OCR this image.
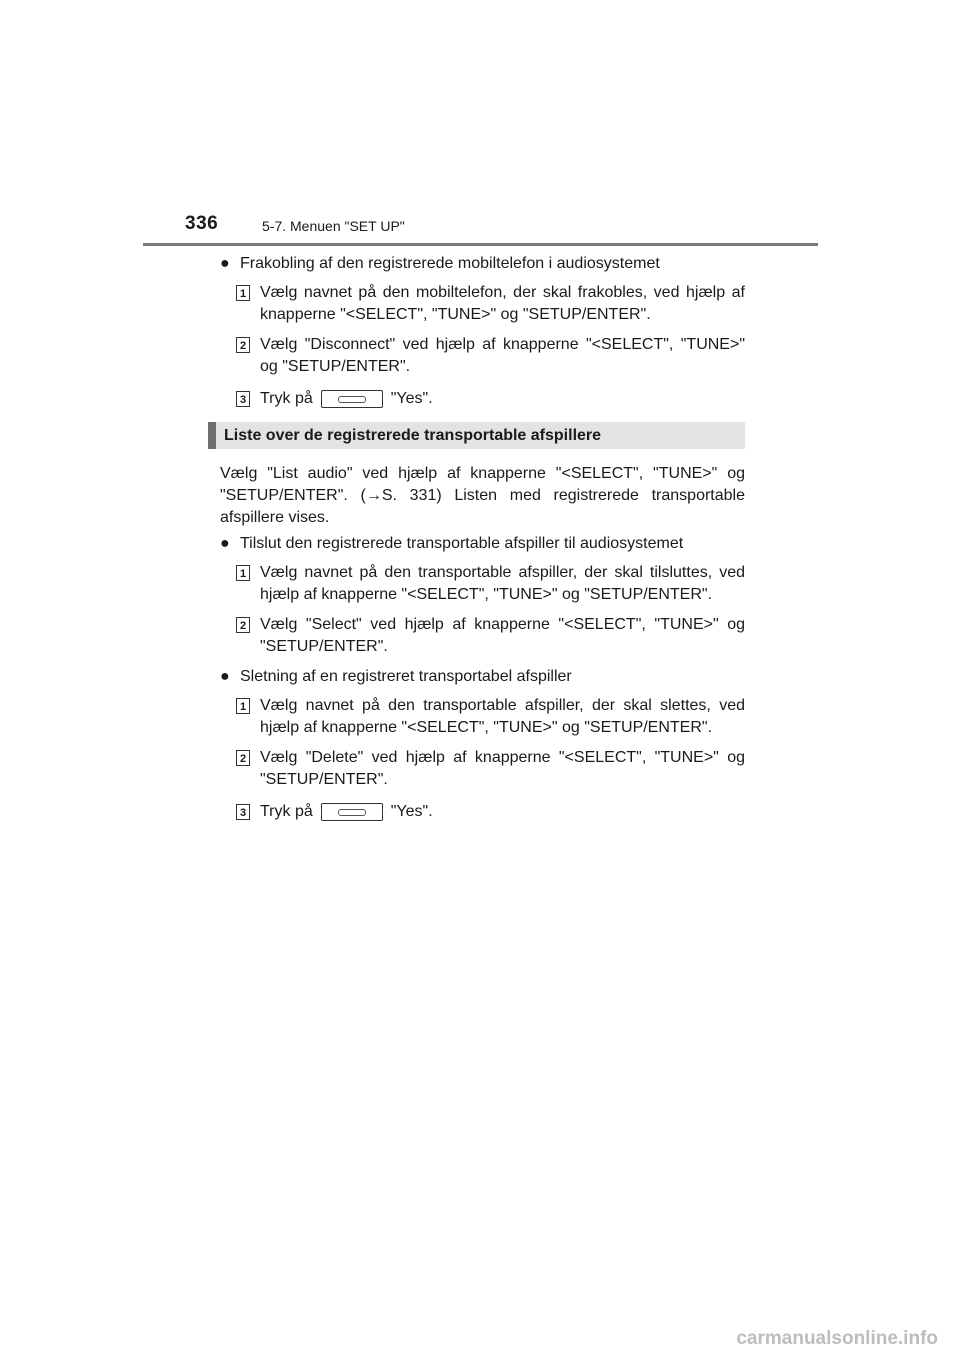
336	5-7. Menuen "SET UP"
● Frakobling af den registrerede mobiltelefon i audiosystemet
1 Vælg navnet på den mobiltelefon, der skal frakobles, ved hjælp af knapperne "<SELECT", "TUNE>" og "SETUP/ENTER".
2 Vælg "Disconnect" ved hjælp af knapperne "<SELECT", "TUNE>" og "SETUP/ENTER".
3 Tryk på	"Yes".
Liste over de registrerede transportable afspillere
Vælg "List audio" ved hjælp af knapperne "<SELECT", "TUNE>" og "SETUP/ENTER". (→S. 331) Listen med registrerede transportable afspillere vises.
● Tilslut den registrerede transportable afspiller til audiosystemet
1 Vælg navnet på den transportable afspiller, der skal tilsluttes, ved hjælp af knapperne "<SELECT", "TUNE>" og "SETUP/ENTER".
2 Vælg "Select" ved hjælp af knapperne "<SELECT", "TUNE>" og "SETUP/ENTER".
● Sletning af en registreret transportabel afspiller
1 Vælg navnet på den transportable afspiller, der skal slettes, ved hjælp af knapperne "<SELECT", "TUNE>" og "SETUP/ENTER".
2 Vælg "Delete" ved hjælp af knapperne "<SELECT", "TUNE>" og "SETUP/ENTER".
3 Tryk på	"Yes".
carmanualsonline.info
